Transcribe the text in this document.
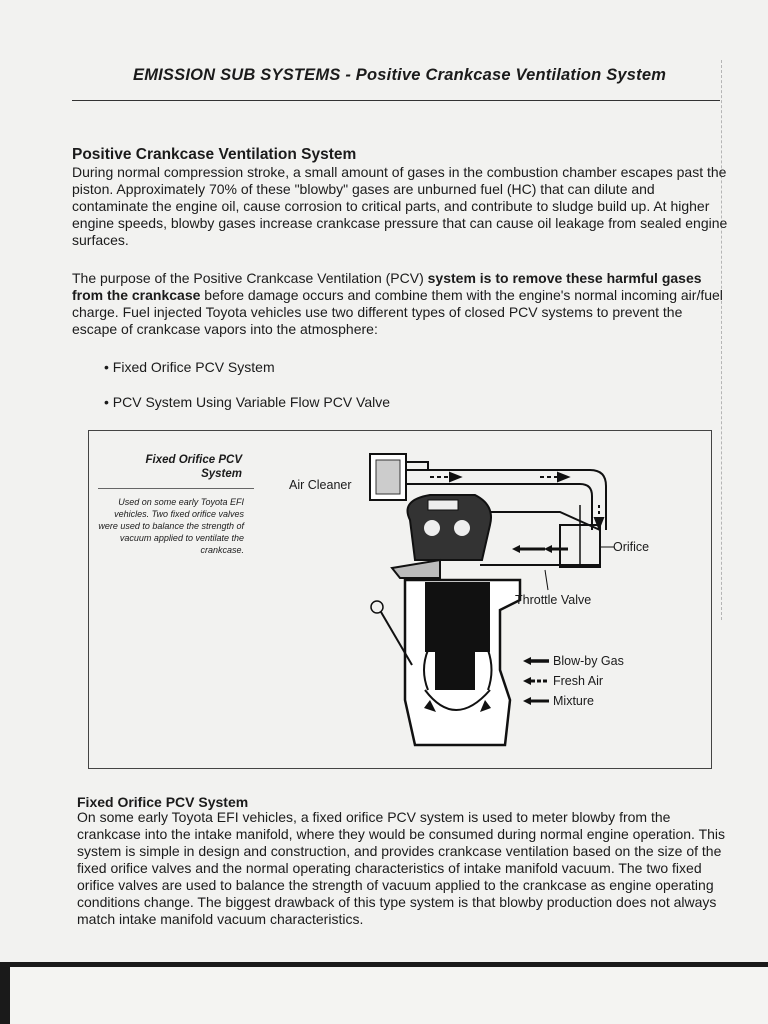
EMISSION SUB SYSTEMS - Positive Crankcase Ventilation System
Positive Crankcase Ventilation System
During normal compression stroke, a small amount of gases in the combustion chamber escapes past the piston. Approximately 70% of these "blowby" gases are unburned fuel (HC) that can dilute and contaminate the engine oil, cause corrosion to critical parts, and contribute to sludge build up. At higher engine speeds, blowby gases increase crankcase pressure that can cause oil leakage from sealed engine surfaces.
The purpose of the Positive Crankcase Ventilation (PCV) system is to remove these harmful gases from the crankcase before damage occurs and combine them with the engine's normal incoming air/fuel charge. Fuel injected Toyota vehicles use two different types of closed PCV systems to prevent the escape of crankcase vapors into the atmosphere:
• Fixed Orifice PCV System
• PCV System Using Variable Flow PCV Valve
Fixed Orifice PCV System
Used on some early Toyota EFI vehicles. Two fixed orifice valves were used to balance the strength of vacuum applied to ventilate the crankcase.
Air Cleaner
Orifice
Throttle Valve
Blow-by Gas
Fresh Air
Mixture
Fixed Orifice PCV System
On some early Toyota EFI vehicles, a fixed orifice PCV system is used to meter blowby from the crankcase into the intake manifold, where they would be consumed during normal engine operation. This system is simple in design and construction, and provides crankcase ventilation based on the size of the fixed orifice valves and the normal operating characteristics of intake manifold vacuum. The two fixed orifice valves are used to balance the strength of vacuum applied to the crankcase as engine operating conditions change. The biggest drawback of this type system is that blowby production does not always match intake manifold vacuum characteristics.
